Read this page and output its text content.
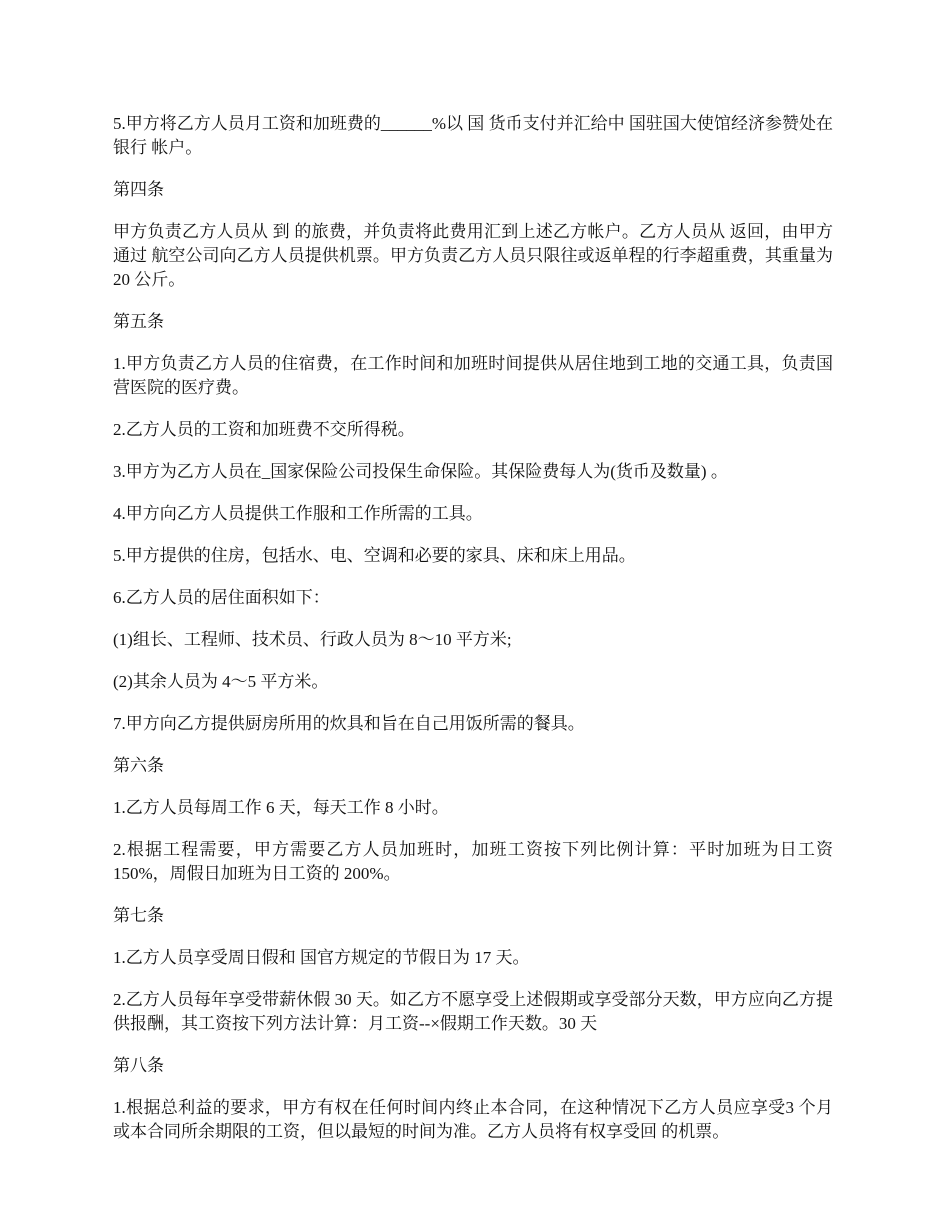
5.甲方将乙方人员月工资和加班费的______%以 国 货币支付并汇给中 国驻国大使馆经济参赞处在 银行 帐户。

第四条

甲方负责乙方人员从 到 的旅费，并负责将此费用汇到上述乙方帐户。乙方人员从 返回，由甲方通过 航空公司向乙方人员提供机票。甲方负责乙方人员只限往或返单程的行李超重费，其重量为 20 公斤。

第五条

1.甲方负责乙方人员的住宿费，在工作时间和加班时间提供从居住地到工地的交通工具，负责国营医院的医疗费。

2.乙方人员的工资和加班费不交所得税。

3.甲方为乙方人员在_国家保险公司投保生命保险。其保险费每人为(货币及数量) 。

4.甲方向乙方人员提供工作服和工作所需的工具。

5.甲方提供的住房，包括水、电、空调和必要的家具、床和床上用品。

6.乙方人员的居住面积如下：

(1)组长、工程师、技术员、行政人员为 8～10 平方米;

(2)其余人员为 4～5 平方米。

7.甲方向乙方提供厨房所用的炊具和旨在自己用饭所需的餐具。

第六条

1.乙方人员每周工作 6 天，每天工作 8 小时。

2.根据工程需要，甲方需要乙方人员加班时，加班工资按下列比例计算：平时加班为日工资 150%，周假日加班为日工资的 200%。

第七条

1.乙方人员享受周日假和 国官方规定的节假日为 17 天。

2.乙方人员每年享受带薪休假 30 天。如乙方不愿享受上述假期或享受部分天数，甲方应向乙方提供报酬，其工资按下列方法计算：月工资--×假期工作天数。30 天

第八条

1.根据总利益的要求，甲方有权在任何时间内终止本合同，在这种情况下乙方人员应享受3 个月或本合同所余期限的工资，但以最短的时间为准。乙方人员将有权享受回 的机票。
